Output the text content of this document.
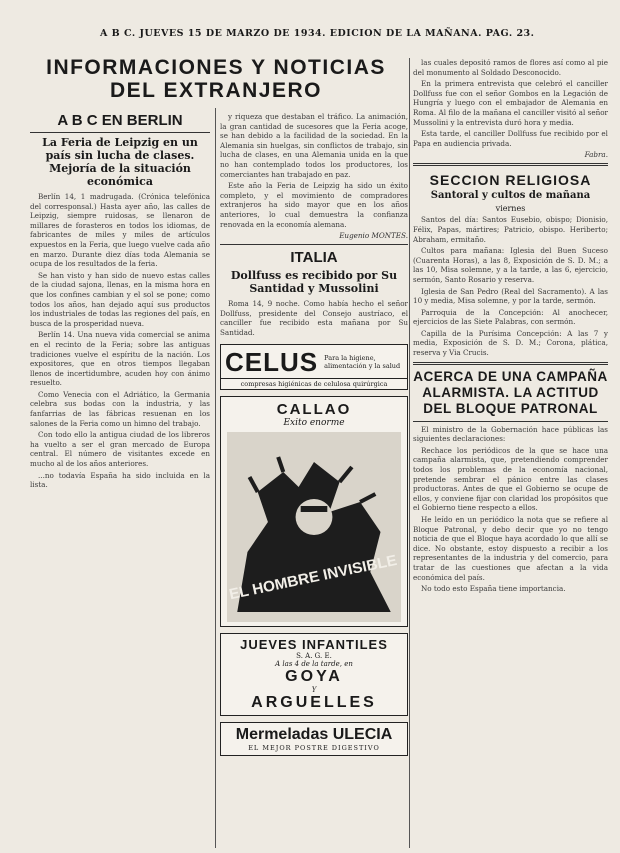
A B C. JUEVES 15 DE MARZO DE 1934. EDICION DE LA MAÑANA. PAG. 23.
INFORMACIONES Y NOTICIAS
DEL EXTRANJERO
A B C EN BERLIN
La Feria de Leipzig en un país sin lucha de clases. Mejoría de la situación económica

Berlín 14, 1 madrugada. (Crónica telefónica del corresponsal.) Hasta ayer año, las calles de Leipzig, siempre ruidosas, se llenaron de millares de forasteros en todos los idiomas, de fabricantes de miles y miles de artículos expuestos en la Feria, que luego vuelve cada año en marzo. Durante diez días toda Alemania se ocupa de los resultados de la feria.

Se han visto y han sido de nuevo estas calles de la ciudad sajona, llenas, en la misma hora en que los confines cambian y el sol se pone; como todos los años, han dejado aquí sus productos los industriales de todas las regiones del país, en busca de la prosperidad nueva.

Berlín 14. Una nueva vida comercial se anima en el recinto de la Feria; sobre las antiguas tradiciones vuelve el espíritu de la nación. Los expositores, que en otros tiempos llegaban llenos de incertidumbre, acuden hoy con ánimo resuelto.

Como Venecia con el Adriático, la Germania celebra sus bodas con la industria, y las fanfarrias de las fábricas resuenan en los salones de la Feria como un himno del trabajo.

Con todo ello la antigua ciudad de los libreros ha vuelto a ser el gran mercado de Europa central. El número de visitantes excede en mucho al de los años anteriores.

...no todavía España ha sido incluida en la lista.

y riqueza que destaban el tráfico. La animación, la gran cantidad de sucesores que la Feria acoge, se han debido a la facilidad de la sociedad. En la Alemania sin huelgas, sin conflictos de trabajo, sin lucha de clases, en una Alemania unida en la que no han contemplado todos los productores, los comerciantes han trabajado en paz.

Este año la Feria de Leipzig ha sido un éxito completo, y el movimiento de compradores extranjeros ha sido mayor que en los años anteriores, lo cual demuestra la confianza renovada en la economía alemana.

Eugenio MONTES.
ITALIA
Dollfuss es recibido por Su Santidad y Mussolini

Roma 14, 9 noche. Como había hecho el señor Dollfuss, presidente del Consejo austríaco, el canciller fue recibido esta mañana por Su Santidad.

CELUS Para la higiene, alimentación y la salud
compresas higiénicas de celulosa quirúrgica
CALLAO
Exito enorme
EL HOMBRE INVISIBLE
JUEVES INFANTILES
S. A. G. E.
A las 4 de la tarde, en
GOYA
Y
ARGUELLES
Mermeladas ULECIA
EL MEJOR POSTRE DIGESTIVO

las cuales depositó ramos de flores así como al pie del monumento al Soldado Desconocido.

En la primera entrevista que celebró el canciller Dollfuss fue con el señor Gombos en la Legación de Hungría y luego con el embajador de Alemania en Roma. Al filo de la mañana el canciller visitó al señor Mussolini y la entrevista duró hora y media.

Esta tarde, el canciller Dollfuss fue recibido por el Papa en audiencia privada.

Fabra.
SECCION RELIGIOSA
Santoral y cultos de mañana
viernes

Santos del día: Santos Eusebio, obispo; Dionisio, Félix, Papas, mártires; Patricio, obispo. Heriberto; Abraham, ermitaño.

Cultos para mañana: Iglesia del Buen Suceso (Cuarenta Horas), a las 8, Exposición de S. D. M.; a las 10, Misa solemne, y a la tarde, a las 6, ejercicio, sermón, Santo Rosario y reserva.

Iglesia de San Pedro (Real del Sacramento). A las 10 y media, Misa solemne, y por la tarde, sermón.

Parroquia de la Concepción: Al anochecer, ejercicios de las Siete Palabras, con sermón.

Capilla de la Purísima Concepción: A las 7 y media, Exposición de S. D. M.; Corona, plática, reserva y Via Crucis.

ACERCA DE UNA CAMPAÑA ALARMISTA. LA ACTITUD DEL BLOQUE PATRONAL

El ministro de la Gobernación hace públicas las siguientes declaraciones:

Rechace los periódicos de la que se hace una campaña alarmista, que, pretendiendo comprender todos los problemas de la economía nacional, pretende sembrar el pánico entre las clases productoras. Antes de que el Gobierno se ocupe de ellos, y conviene fijar con claridad los propósitos que el Gobierno tiene respecto a ellos.

He leído en un periódico la nota que se refiere al Bloque Patronal, y debo decir que yo no tengo noticia de que el Bloque haya acordado lo que allí se dice. No obstante, estoy dispuesto a recibir a los representantes de la industria y del comercio, para tratar de las cuestiones que afectan a la vida económica del país.

No todo esto España tiene importancia.
